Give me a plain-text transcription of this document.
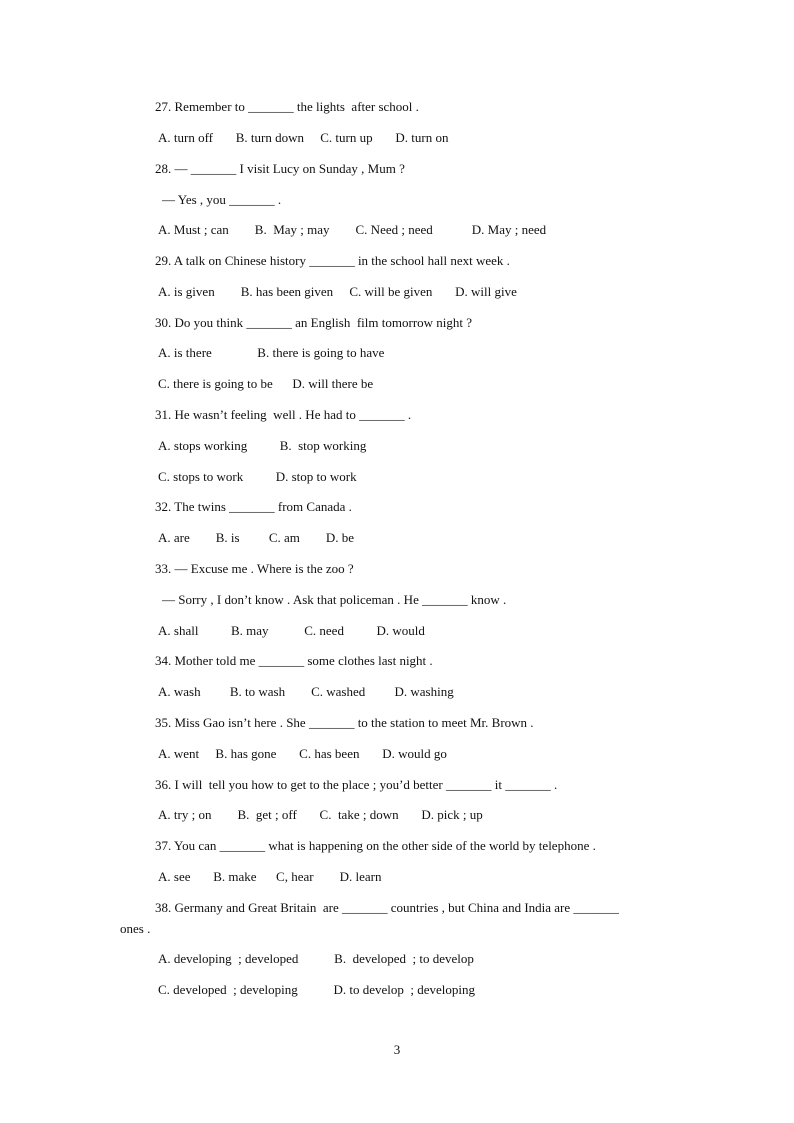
27. Remember to _______ the lights  after school .
A. turn off       B. turn down     C. turn up       D. turn on
28. — _______ I visit Lucy on Sunday , Mum ?
— Yes , you _______ .
A. Must ; can        B.  May ; may        C. Need ; need            D. May ; need
29. A talk on Chinese history _______ in the school hall next week .
A. is given        B. has been given     C. will be given       D. will give
30. Do you think _______ an English  film tomorrow night ?
A. is there              B. there is going to have
C. there is going to be      D. will there be
31. He wasn’t feeling  well . He had to _______ .
A. stops working          B.  stop working
C. stops to work          D. stop to work
32. The twins _______ from Canada .
A. are        B. is         C. am        D. be
33. — Excuse me . Where is the zoo ?
— Sorry , I don’t know . Ask that policeman . He _______ know .
A. shall          B. may           C. need          D. would
34. Mother told me _______ some clothes last night .
A. wash         B. to wash        C. washed         D. washing
35. Miss Gao isn’t here . She _______ to the station to meet Mr. Brown .
A. went     B. has gone       C. has been       D. would go
36. I will  tell you how to get to the place ; you’d better _______ it _______ .
A. try ; on        B.  get ; off       C.  take ; down       D. pick ; up
37. You can _______ what is happening on the other side of the world by telephone .
A. see       B. make      C, hear        D. learn
38. Germany and Great Britain  are _______ countries , but China and India are _______
ones .
A. developing  ; developed           B.  developed  ; to develop
C. developed  ; developing           D. to develop  ; developing
3
